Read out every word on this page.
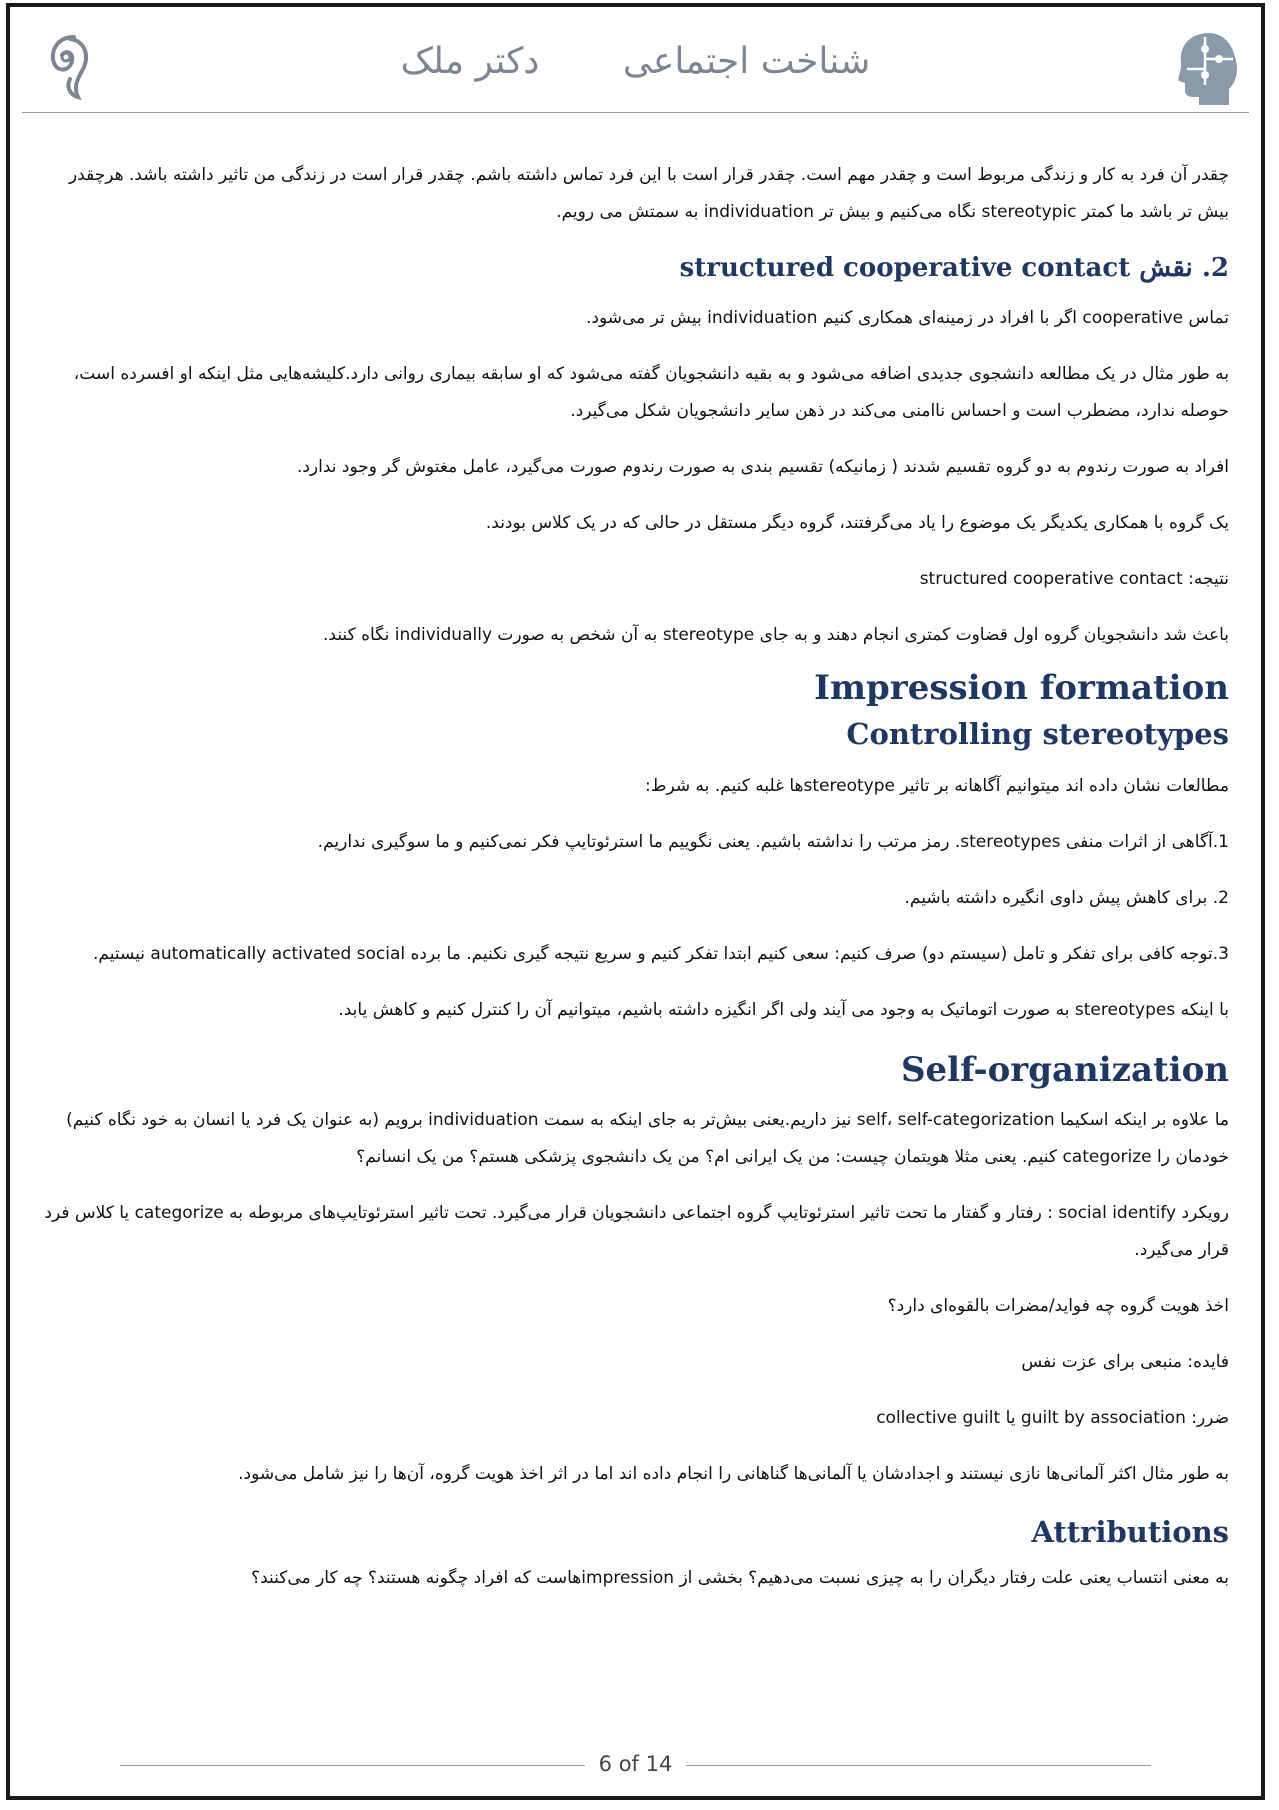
شناخت اجتماعی دکتر ملک

چقدر آن فرد به کار و زندگی مربوط است و چقدر مهم است. چقدر قرار است با این فرد تماس داشته باشم. چقدر قرار است در زندگی من تاثیر داشته باشد. هرچقدر بیش تر باشد ما کمتر stereotypic نگاه می‌کنیم و بیش تر individuation به سمتش می رویم.

2. نقش structured cooperative contact

تماس cooperative اگر با افراد در زمینه‌ای همکاری کنیم individuation بیش تر می‌شود.

به طور مثال در یک مطالعه دانشجوی جدیدی اضافه می‌شود و به بقیه دانشجویان گفته می‌شود که او سابقه بیماری روانی دارد.کلیشه‌هایی مثل اینکه او افسرده است، حوصله ندارد، مضطرب است و احساس ناامنی می‌کند در ذهن سایر دانشجویان شکل می‌گیرد.

افراد به صورت رندوم به دو گروه تقسیم شدند ( زمانیکه) تقسیم بندی به صورت رندوم صورت می‌گیرد، عامل مغتوش گر وجود ندارد.

یک گروه با همکاری یکدیگر یک موضوع را یاد می‌گرفتند، گروه دیگر مستقل در حالی که در یک کلاس بودند.

نتیجه: structured cooperative contact

باعث شد دانشجویان گروه اول قضاوت کمتری انجام دهند و به جای stereotype به آن شخص به صورت individually نگاه کنند.

Impression formation
Controlling stereotypes

مطالعات نشان داده اند میتوانیم آگاهانه بر تاثیر stereotypeها غلبه کنیم. به شرط:

1.آگاهی از اثرات منفی stereotypes. رمز مرتب را نداشته باشیم. یعنی نگوییم ما استرئوتایپ فکر نمی‌کنیم و ما سوگیری نداریم.

2. برای کاهش پیش داوی انگیره داشته باشیم.

3.توجه کافی برای تفکر و تامل (سیستم دو) صرف کنیم: سعی کنیم ابتدا تفکر کنیم و سریع نتیجه گیری نکنیم. ما برده automatically activated social نیستیم.

با اینکه stereotypes به صورت اتوماتیک به وجود می آیند ولی اگر انگیزه داشته باشیم، میتوانیم آن را کنترل کنیم و کاهش یابد.

Self-organization

ما علاوه بر اینکه اسکیما self، self-categorization نیز داریم.یعنی بیش‌تر به جای اینکه به سمت individuation برویم (به عنوان یک فرد یا انسان به خود نگاه کنیم) خودمان را categorize کنیم. یعنی مثلا هویتمان چیست: من یک ایرانی ام؟ من یک دانشجوی پزشکی هستم؟ من یک انسانم؟

رویکرد social identify : رفتار و گفتار ما تحت تاثیر استرئوتایپ گروه اجتماعی دانشجویان قرار می‌گیرد. تحت تاثیر استرئوتایپ‌های مربوطه به categorize یا کلاس فرد قرار می‌گیرد.

اخذ هویت گروه چه فواید/مضرات بالقوه‌ای دارد؟

فایده: منبعی برای عزت نفس

ضرر: guilt by association یا collective guilt

به طور مثال اکثر آلمانی‌ها نازی نیستند و اجدادشان یا آلمانی‌ها گناهانی را انجام داده اند اما در اثر اخذ هویت گروه، آن‌ها را نیز شامل می‌شود.

Attributions

به معنی انتساب یعنی علت رفتار دیگران را به چیزی نسبت می‌دهیم؟ بخشی از impressionهاست که افراد چگونه هستند؟ چه کار می‌کنند؟

6 of 14
